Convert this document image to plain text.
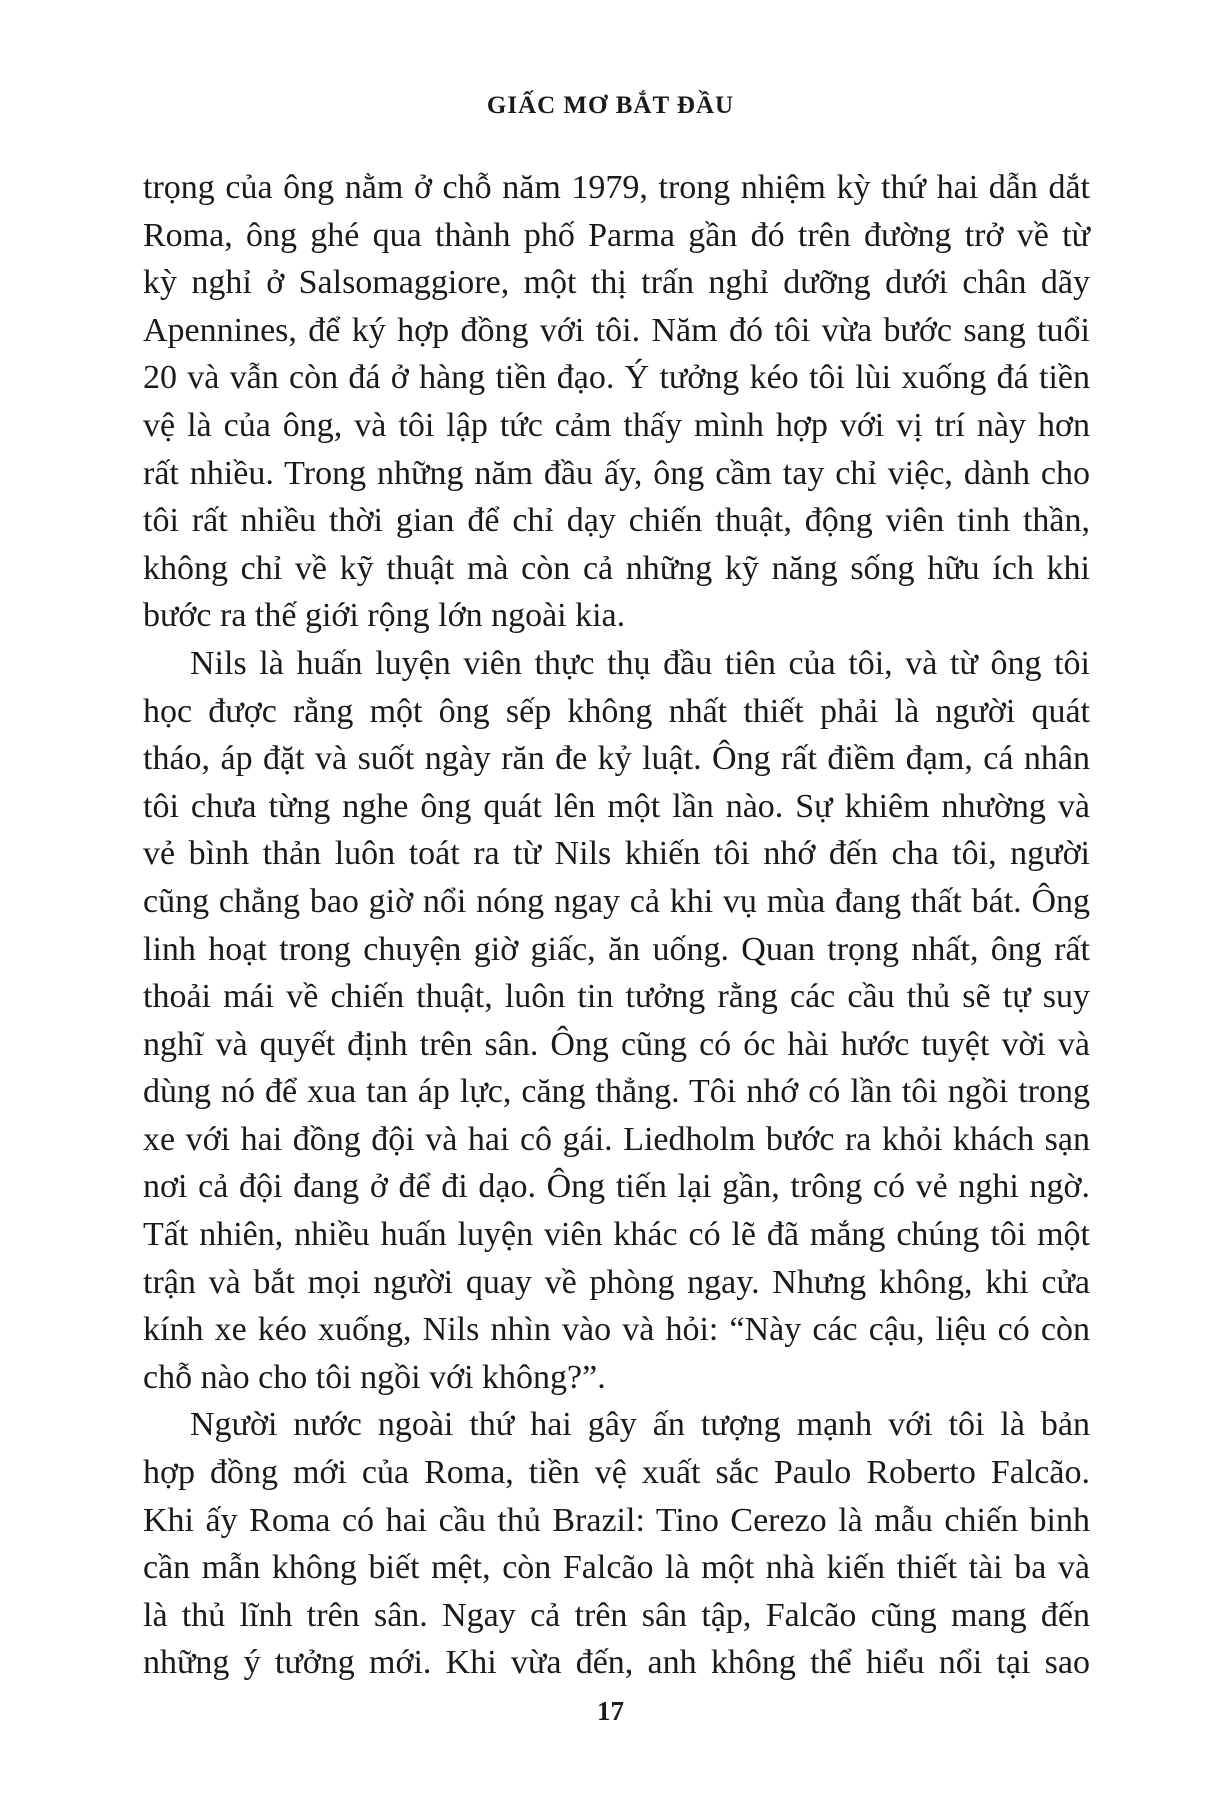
GIẤC MƠ BẮT ĐẦU
trọng của ông nằm ở chỗ năm 1979, trong nhiệm kỳ thứ hai dẫn dắt
Roma, ông ghé qua thành phố Parma gần đó trên đường trở về từ
kỳ nghỉ ở Salsomaggiore, một thị trấn nghỉ dưỡng dưới chân dãy
Apennines, để ký hợp đồng với tôi. Năm đó tôi vừa bước sang tuổi
20 và vẫn còn đá ở hàng tiền đạo. Ý tưởng kéo tôi lùi xuống đá tiền
vệ là của ông, và tôi lập tức cảm thấy mình hợp với vị trí này hơn
rất nhiều. Trong những năm đầu ấy, ông cầm tay chỉ việc, dành cho
tôi rất nhiều thời gian để chỉ dạy chiến thuật, động viên tinh thần,
không chỉ về kỹ thuật mà còn cả những kỹ năng sống hữu ích khi
bước ra thế giới rộng lớn ngoài kia.
Nils là huấn luyện viên thực thụ đầu tiên của tôi, và từ ông tôi
học được rằng một ông sếp không nhất thiết phải là người quát
tháo, áp đặt và suốt ngày răn đe kỷ luật. Ông rất điềm đạm, cá nhân
tôi chưa từng nghe ông quát lên một lần nào. Sự khiêm nhường và
vẻ bình thản luôn toát ra từ Nils khiến tôi nhớ đến cha tôi, người
cũng chẳng bao giờ nổi nóng ngay cả khi vụ mùa đang thất bát. Ông
linh hoạt trong chuyện giờ giấc, ăn uống. Quan trọng nhất, ông rất
thoải mái về chiến thuật, luôn tin tưởng rằng các cầu thủ sẽ tự suy
nghĩ và quyết định trên sân. Ông cũng có óc hài hước tuyệt vời và
dùng nó để xua tan áp lực, căng thẳng. Tôi nhớ có lần tôi ngồi trong
xe với hai đồng đội và hai cô gái. Liedholm bước ra khỏi khách sạn
nơi cả đội đang ở để đi dạo. Ông tiến lại gần, trông có vẻ nghi ngờ.
Tất nhiên, nhiều huấn luyện viên khác có lẽ đã mắng chúng tôi một
trận và bắt mọi người quay về phòng ngay. Nhưng không, khi cửa
kính xe kéo xuống, Nils nhìn vào và hỏi: “Này các cậu, liệu có còn
chỗ nào cho tôi ngồi với không?”.
Người nước ngoài thứ hai gây ấn tượng mạnh với tôi là bản
hợp đồng mới của Roma, tiền vệ xuất sắc Paulo Roberto Falcão.
Khi ấy Roma có hai cầu thủ Brazil: Tino Cerezo là mẫu chiến binh
cần mẫn không biết mệt, còn Falcão là một nhà kiến thiết tài ba và
là thủ lĩnh trên sân. Ngay cả trên sân tập, Falcão cũng mang đến
những ý tưởng mới. Khi vừa đến, anh không thể hiểu nổi tại sao
17
